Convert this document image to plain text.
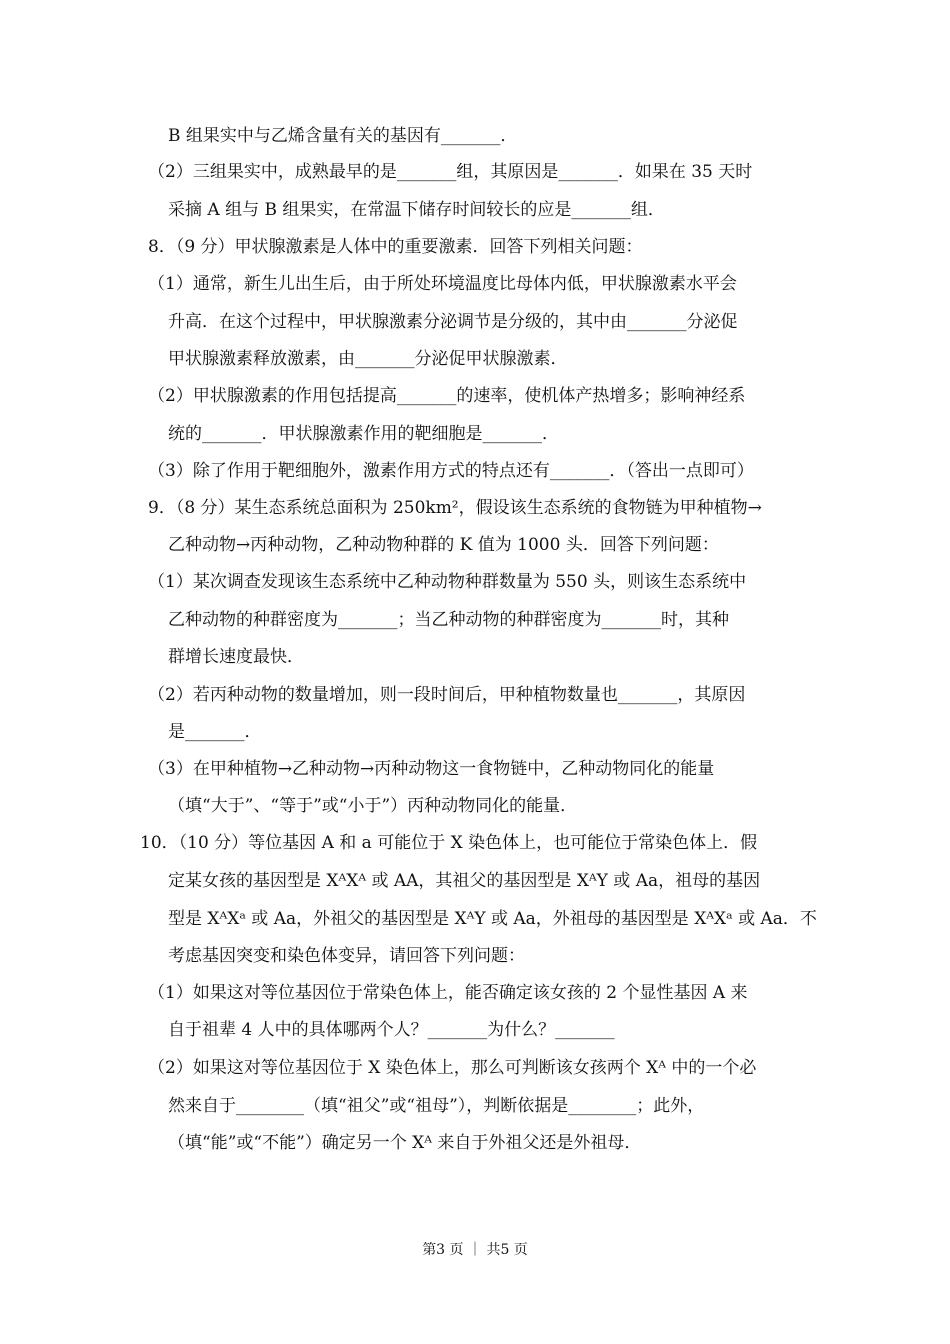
B 组果实中与乙烯含量有关的基因有_______．
（2）三组果实中，成熟最早的是_______组，其原因是_______．如果在 35 天时
采摘 A 组与 B 组果实，在常温下储存时间较长的应是_______组．
8．（9 分）甲状腺激素是人体中的重要激素．回答下列相关问题：
（1）通常，新生儿出生后，由于所处环境温度比母体内低，甲状腺激素水平会
升高．在这个过程中，甲状腺激素分泌调节是分级的，其中由_______分泌促
甲状腺激素释放激素，由_______分泌促甲状腺激素．
（2）甲状腺激素的作用包括提高_______的速率，使机体产热增多；影响神经系
统的_______．甲状腺激素作用的靶细胞是_______．
（3）除了作用于靶细胞外，激素作用方式的特点还有_______．（答出一点即可）
9．（8 分）某生态系统总面积为 250km²，假设该生态系统的食物链为甲种植物→
乙种动物→丙种动物，乙种动物种群的 K 值为 1000 头．回答下列问题：
（1）某次调查发现该生态系统中乙种动物种群数量为 550 头，则该生态系统中
乙种动物的种群密度为_______；当乙种动物的种群密度为_______时，其种
群增长速度最快．
（2）若丙种动物的数量增加，则一段时间后，甲种植物数量也_______，其原因
是_______．
（3）在甲种植物→乙种动物→丙种动物这一食物链中，乙种动物同化的能量
（填“大于”、“等于”或“小于”）丙种动物同化的能量．
10．（10 分）等位基因 A 和 a 可能位于 X 染色体上，也可能位于常染色体上．假
定某女孩的基因型是 XᴬXᴬ 或 AA，其祖父的基因型是 XᴬY 或 Aa，祖母的基因
型是 XᴬXᵃ 或 Aa，外祖父的基因型是 XᴬY 或 Aa，外祖母的基因型是 XᴬXᵃ 或 Aa．不
考虑基因突变和染色体变异，请回答下列问题：
（1）如果这对等位基因位于常染色体上，能否确定该女孩的 2 个显性基因 A 来
自于祖辈 4 人中的具体哪两个人？_______为什么？_______
（2）如果这对等位基因位于 X 染色体上，那么可判断该女孩两个 Xᴬ 中的一个必
然来自于________（填“祖父”或“祖母”），判断依据是________；此外，
（填“能”或“不能”）确定另一个 Xᴬ 来自于外祖父还是外祖母．
第3 页 ｜ 共5 页
